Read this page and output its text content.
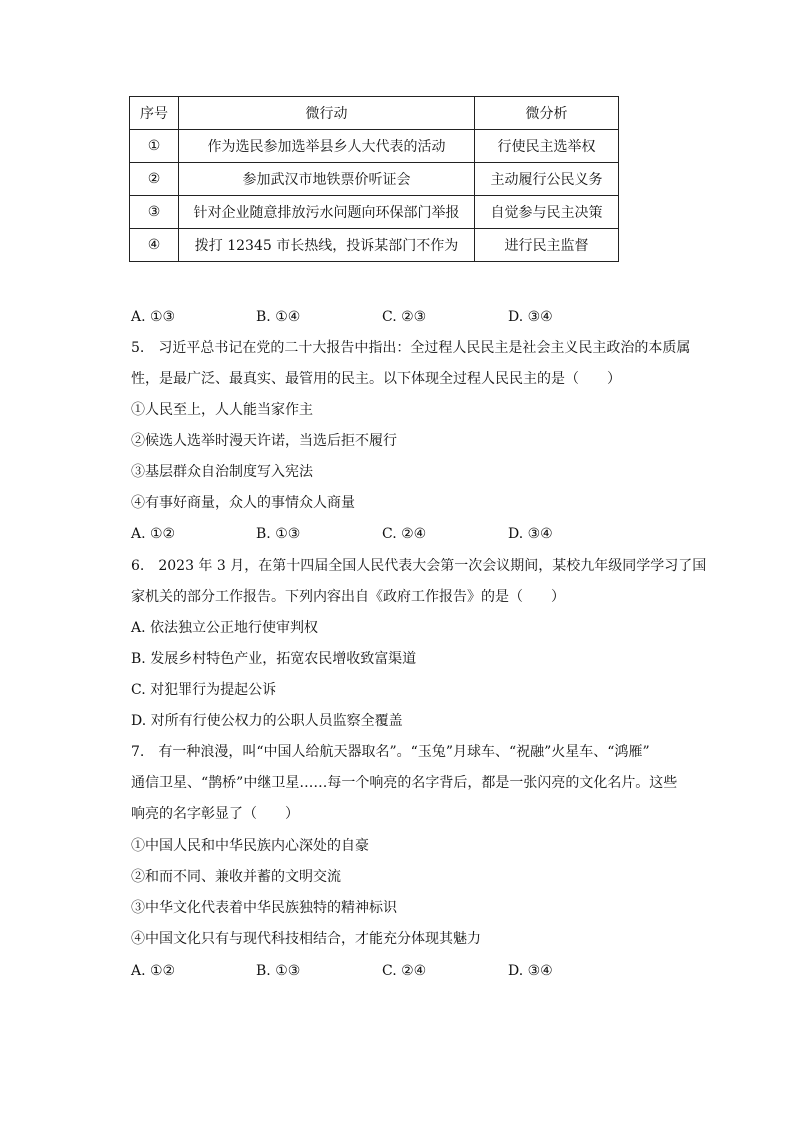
序号	微行动	微分析
①	作为选民参加选举县乡人大代表的活动	行使民主选举权
②	参加武汉市地铁票价听证会	主动履行公民义务
③	针对企业随意排放污水问题向环保部门举报	自觉参与民主决策
④	拨打 12345 市长热线，投诉某部门不作为	进行民主监督
A. ①③	B. ①④	C. ②③	D. ③④
5.　习近平总书记在党的二十大报告中指出：全过程人民民主是社会主义民主政治的本质属
性，是最广泛、最真实、最管用的民主。以下体现全过程人民民主的是（　　）
①人民至上，人人能当家作主
②候选人选举时漫天许诺，当选后拒不履行
③基层群众自治制度写入宪法
④有事好商量，众人的事情众人商量
A. ①②	B. ①③	C. ②④	D. ③④
6.　2023 年 3 月，在第十四届全国人民代表大会第一次会议期间，某校九年级同学学习了国
家机关的部分工作报告。下列内容出自《政府工作报告》的是（　　）
A. 依法独立公正地行使审判权
B. 发展乡村特色产业，拓宽农民增收致富渠道
C. 对犯罪行为提起公诉
D. 对所有行使公权力的公职人员监察全覆盖
7.　有一种浪漫，叫“中国人给航天器取名”。“玉兔”月球车、“祝融”火星车、“鸿雁”
通信卫星、“鹊桥”中继卫星……每一个响亮的名字背后，都是一张闪亮的文化名片。这些
响亮的名字彰显了（　　）
①中国人民和中华民族内心深处的自豪
②和而不同、兼收并蓄的文明交流
③中华文化代表着中华民族独特的精神标识
④中国文化只有与现代科技相结合，才能充分体现其魅力
A. ①②	B. ①③	C. ②④	D. ③④
